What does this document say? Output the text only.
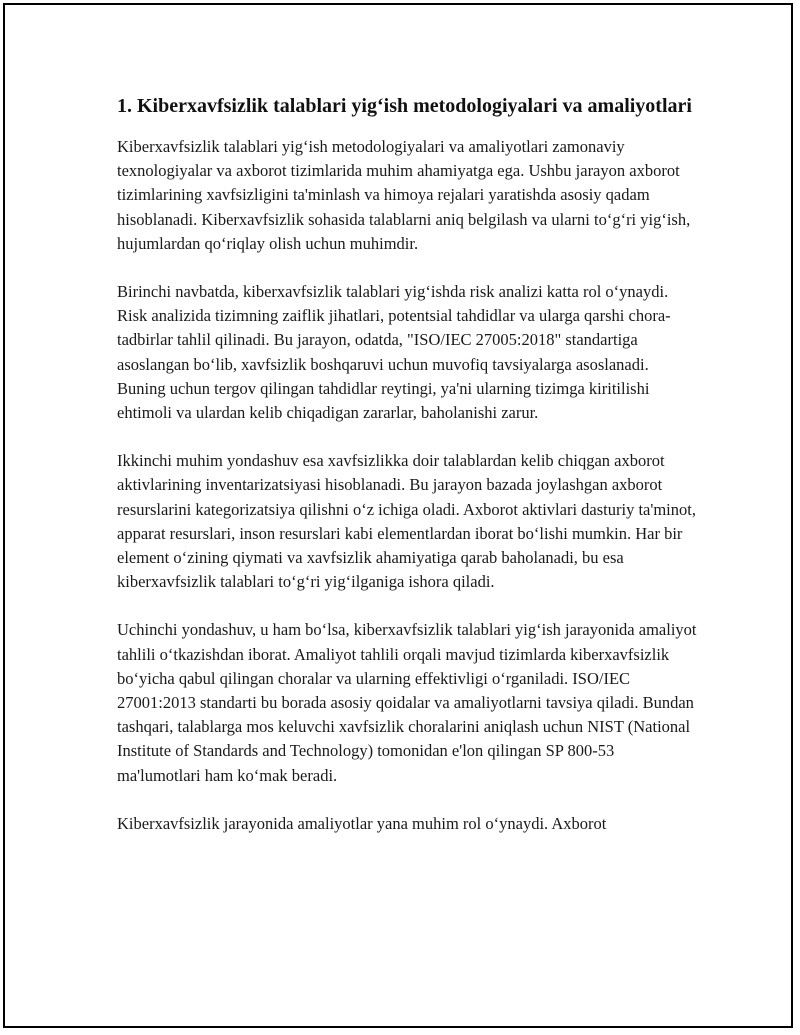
1. Kiberxavfsizlik talablari yig‘ish metodologiyalari va amaliyotlari

Kiberxavfsizlik talablari yig‘ish metodologiyalari va amaliyotlari zamonaviy texnologiyalar va axborot tizimlarida muhim ahamiyatga ega. Ushbu jarayon axborot tizimlarining xavfsizligini ta'minlash va himoya rejalari yaratishda asosiy qadam hisoblanadi. Kiberxavfsizlik sohasida talablarni aniq belgilash va ularni to‘g‘ri yig‘ish, hujumlardan qo‘riqlay olish uchun muhimdir.

Birinchi navbatda, kiberxavfsizlik talablari yig‘ishda risk analizi katta rol o‘ynaydi. Risk analizida tizimning zaiflik jihatlari, potentsial tahdidlar va ularga qarshi chora-tadbirlar tahlil qilinadi. Bu jarayon, odatda, "ISO/IEC 27005:2018" standartiga asoslangan bo‘lib, xavfsizlik boshqaruvi uchun muvofiq tavsiyalarga asoslanadi. Buning uchun tergov qilingan tahdidlar reytingi, ya'ni ularning tizimga kiritilishi ehtimoli va ulardan kelib chiqadigan zararlar, baholanishi zarur.

Ikkinchi muhim yondashuv esa xavfsizlikka doir talablardan kelib chiqgan axborot aktivlarining inventarizatsiyasi hisoblanadi. Bu jarayon bazada joylashgan axborot resurslarini kategorizatsiya qilishni o‘z ichiga oladi. Axborot aktivlari dasturiy ta'minot, apparat resurslari, inson resurslari kabi elementlardan iborat bo‘lishi mumkin. Har bir element o‘zining qiymati va xavfsizlik ahamiyatiga qarab baholanadi, bu esa kiberxavfsizlik talablari to‘g‘ri yig‘ilganiga ishora qiladi.

Uchinchi yondashuv, u ham bo‘lsa, kiberxavfsizlik talablari yig‘ish jarayonida amaliyot tahlili o‘tkazishdan iborat. Amaliyot tahlili orqali mavjud tizimlarda kiberxavfsizlik bo‘yicha qabul qilingan choralar va ularning effektivligi o‘rganiladi. ISO/IEC 27001:2013 standarti bu borada asosiy qoidalar va amaliyotlarni tavsiya qiladi. Bundan tashqari, talablarga mos keluvchi xavfsizlik choralarini aniqlash uchun NIST (National Institute of Standards and Technology) tomonidan e'lon qilingan SP 800-53 ma'lumotlari ham ko‘mak beradi.

Kiberxavfsizlik jarayonida amaliyotlar yana muhim rol o‘ynaydi. Axborot
